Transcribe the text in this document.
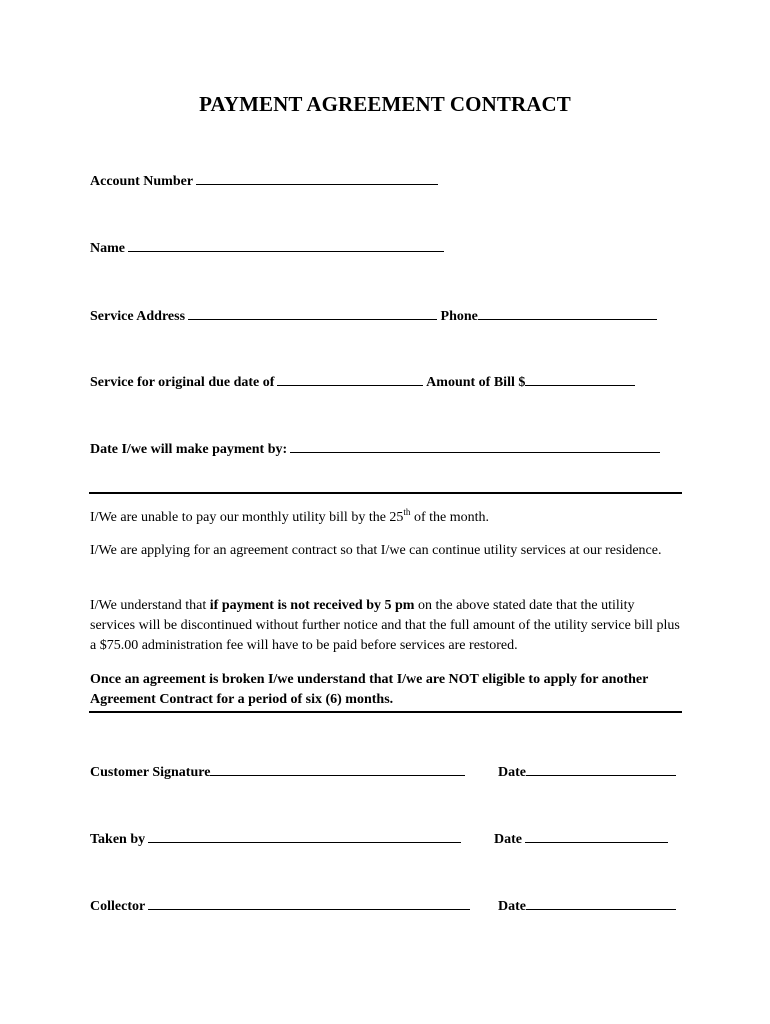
PAYMENT AGREEMENT CONTRACT
Account Number
Name
Service Address	Phone
Service for original due date of	Amount of Bill $
Date I/we will make payment by:
I/We are unable to pay our monthly utility bill by the 25th of the month.
I/We are applying for an agreement contract so that I/we can continue utility services at our residence.
I/We understand that if payment is not received by 5 pm on the above stated date that the utility services will be discontinued without further notice and that the full amount of the utility service bill plus a $75.00 administration fee will have to be paid before services are restored.
Once an agreement is broken I/we understand that I/we are NOT eligible to apply for another Agreement Contract for a period of six (6) months.
Customer Signature	Date
Taken by	Date
Collector	Date
